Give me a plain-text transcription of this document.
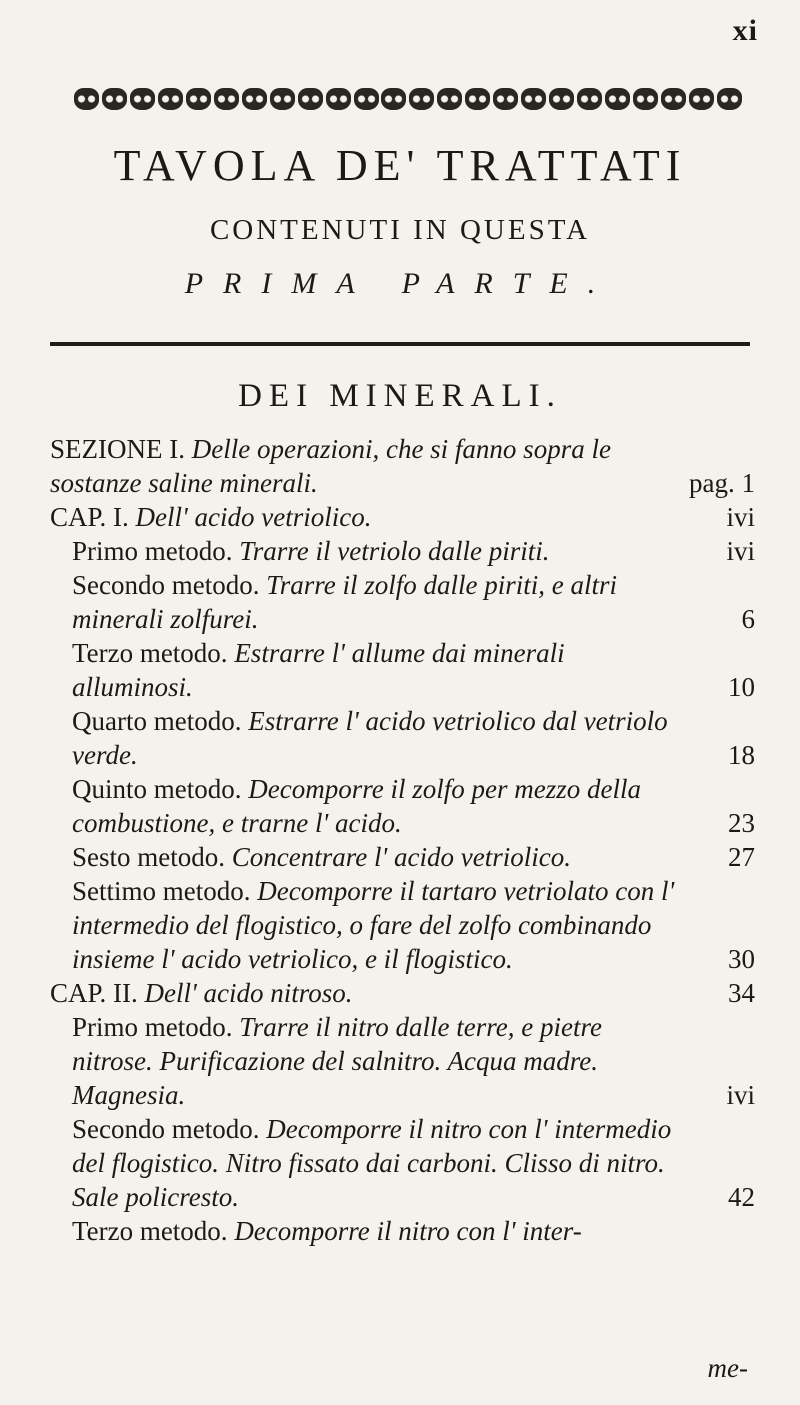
xi
TAVOLA DE' TRATTATI
CONTENUTI IN QUESTA
PRIMA PARTE.
DEI MINERALI.
SEZIONE I. Delle operazioni, che si fanno sopra le sostanze saline minerali.	pag. 1
CAP. I. Dell' acido vetriolico.	ivi
Primo metodo. Trarre il vetriolo dalle piriti.	ivi
Secondo metodo. Trarre il zolfo dalle piriti, e altri minerali zolfurei.	6
Terzo metodo. Estrarre l' allume dai minerali alluminosi.	10
Quarto metodo. Estrarre l' acido vetriolico dal vetriolo verde.	18
Quinto metodo. Decomporre il zolfo per mezzo della combustione, e trarne l' acido.	23
Sesto metodo. Concentrare l' acido vetriolico.	27
Settimo metodo. Decomporre il tartaro vetriolato con l' intermedio del flogistico, o fare del zolfo combinando insieme l' acido vetriolico, e il flogistico.	30
CAP. II. Dell' acido nitroso.	34
Primo metodo. Trarre il nitro dalle terre, e pietre nitrose. Purificazione del salnitro. Acqua madre. Magnesia.	ivi
Secondo metodo. Decomporre il nitro con l' intermedio del flogistico. Nitro fissato dai carboni. Clisso di nitro. Sale policresto.	42
Terzo metodo. Decomporre il nitro con l' inter-
me-
